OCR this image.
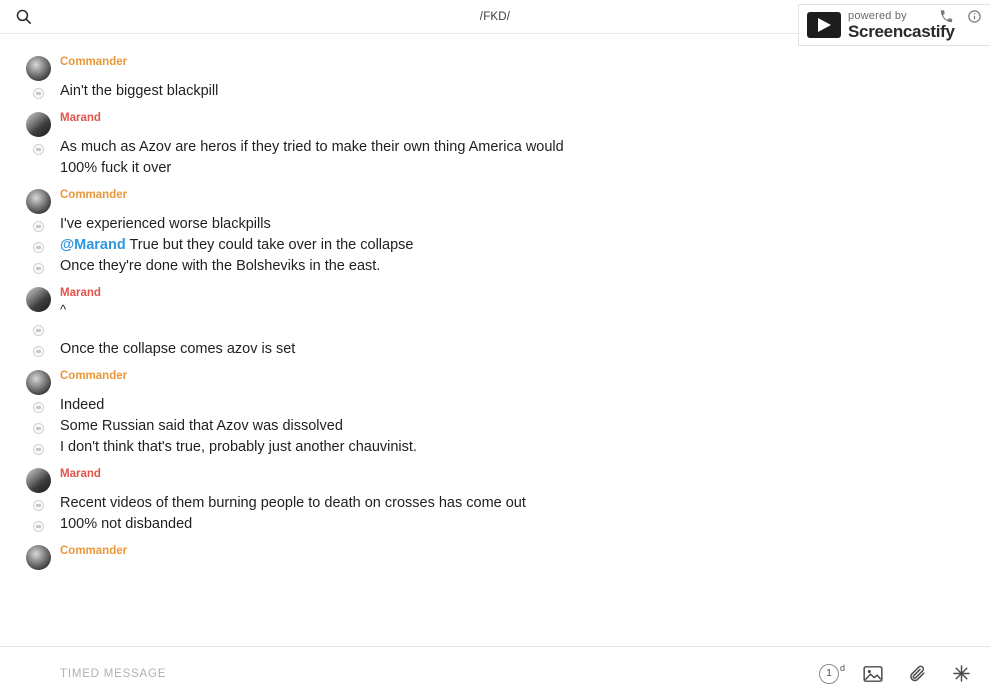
/FKD/	powered by
Screencastify
Commander
Ain't the biggest blackpill
Marand
As much as Azov are heros if they tried to make their own thing America would 100% fuck it over
Commander
I've experienced worse blackpills
@Marand True but they could take over in the collapse
Once they're done with the Bolsheviks in the east.
Marand
^
Once the collapse comes azov is set
Commander
Indeed
Some Russian said that Azov was dissolved
I don't think that's true, probably just another chauvinist.
Marand
Recent videos of them burning people to death on crosses has come out
100% not disbanded
Commander
TIMED MESSAGE
1
d
